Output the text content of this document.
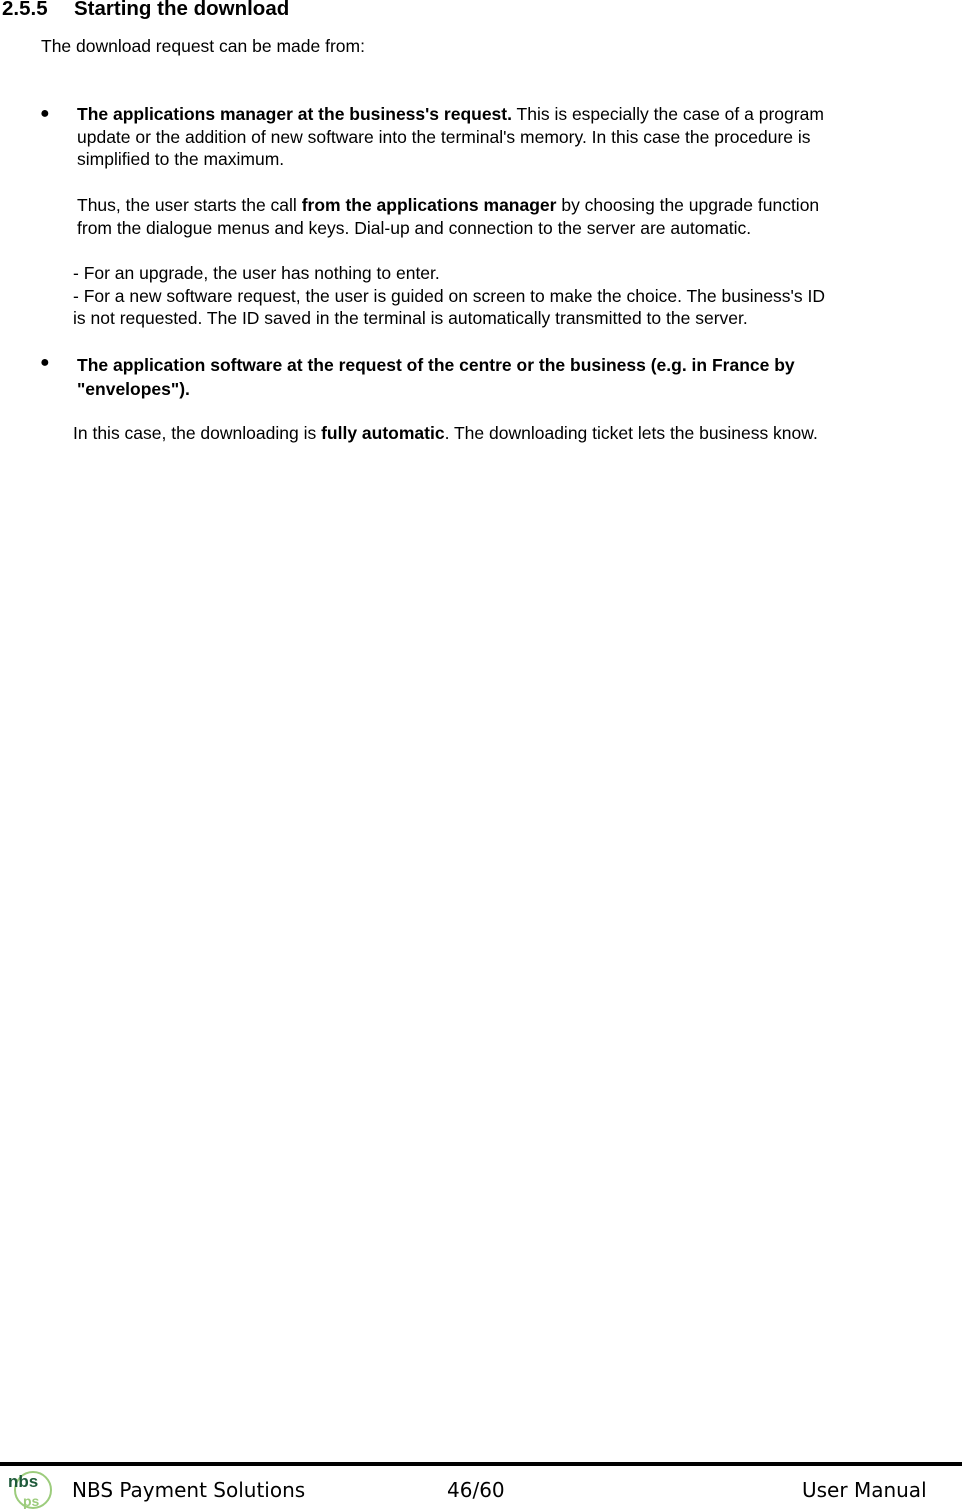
2.5.5 Starting the download

The download request can be made from:

● The applications manager at the business's request. This is especially the case of a program
update or the addition of new software into the terminal's memory. In this case the procedure is
simplified to the maximum.

Thus, the user starts the call from the applications manager by choosing the upgrade function
from the dialogue menus and keys. Dial-up and connection to the server are automatic.

- For an upgrade, the user has nothing to enter.
- For a new software request, the user is guided on screen to make the choice. The business's ID
is not requested. The ID saved in the terminal is automatically transmitted to the server.

● The application software at the request of the centre or the business (e.g. in France by
"envelopes").

In this case, the downloading is fully automatic. The downloading ticket lets the business know.

nbs
ps NBS Payment Solutions	46/60	User Manual
